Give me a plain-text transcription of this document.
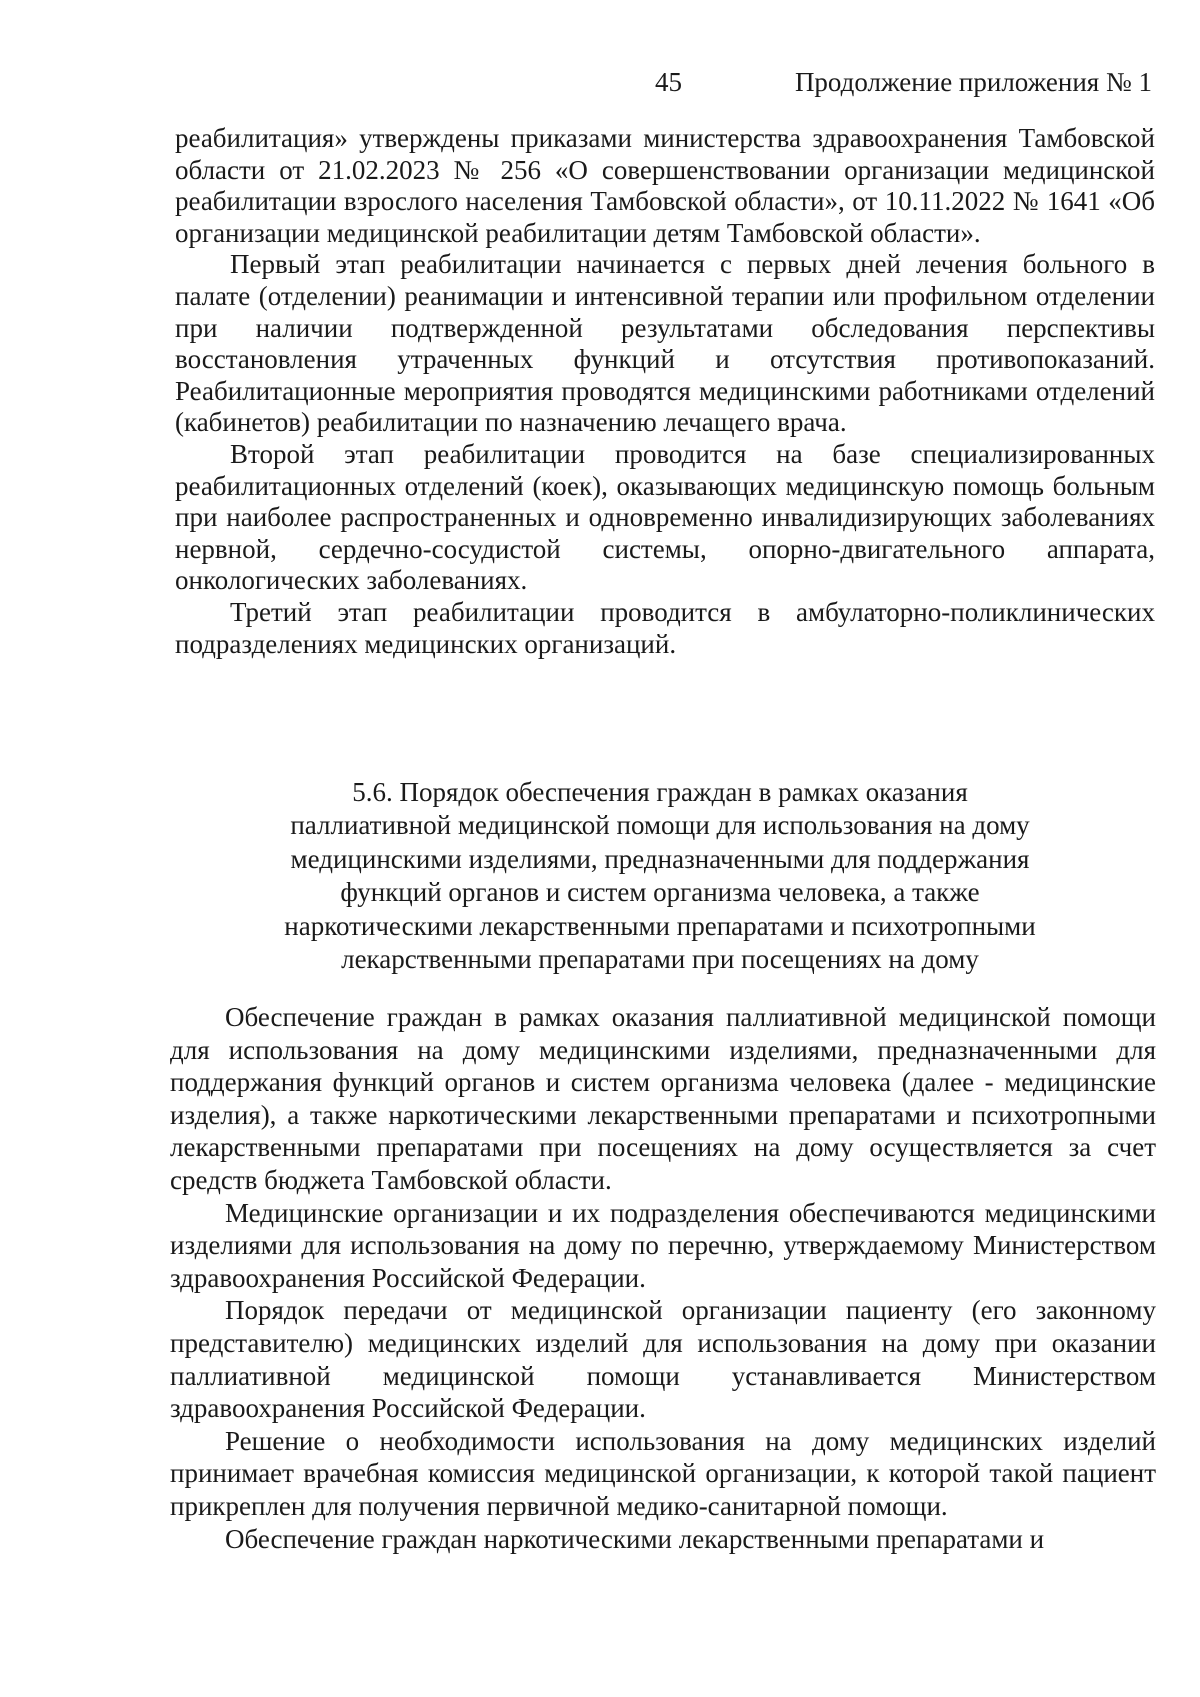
45	Продолжение приложения № 1

реабилитация» утверждены приказами министерства здравоохранения Тамбовской области от 21.02.2023 № 256 «О совершенствовании организации медицинской реабилитации взрослого населения Тамбовской области», от 10.11.2022 № 1641 «Об организации медицинской реабилитации детям Тамбовской области».

Первый этап реабилитации начинается с первых дней лечения больного в палате (отделении) реанимации и интенсивной терапии или профильном отделении при наличии подтвержденной результатами обследования перспективы восстановления утраченных функций и отсутствия противопоказаний. Реабилитационные мероприятия проводятся медицинскими работниками отделений (кабинетов) реабилитации по назначению лечащего врача.

Второй этап реабилитации проводится на базе специализированных реабилитационных отделений (коек), оказывающих медицинскую помощь больным при наиболее распространенных и одновременно инвалидизирующих заболеваниях нервной, сердечно-сосудистой системы, опорно-двигательного аппарата, онкологических заболеваниях.

Третий этап реабилитации проводится в амбулаторно-поликлинических подразделениях медицинских организаций.

5.6. Порядок обеспечения граждан в рамках оказания
паллиативной медицинской помощи для использования на дому
медицинскими изделиями, предназначенными для поддержания
функций органов и систем организма человека, а также
наркотическими лекарственными препаратами и психотропными
лекарственными препаратами при посещениях на дому

Обеспечение граждан в рамках оказания паллиативной медицинской помощи для использования на дому медицинскими изделиями, предназначенными для поддержания функций органов и систем организма человека (далее - медицинские изделия), а также наркотическими лекарственными препаратами и психотропными лекарственными препаратами при посещениях на дому осуществляется за счет средств бюджета Тамбовской области.

Медицинские организации и их подразделения обеспечиваются медицинскими изделиями для использования на дому по перечню, утверждаемому Министерством здравоохранения Российской Федерации.

Порядок передачи от медицинской организации пациенту (его законному представителю) медицинских изделий для использования на дому при оказании паллиативной медицинской помощи устанавливается Министерством здравоохранения Российской Федерации.

Решение о необходимости использования на дому медицинских изделий принимает врачебная комиссия медицинской организации, к которой такой пациент прикреплен для получения первичной медико-санитарной помощи.

Обеспечение граждан наркотическими лекарственными препаратами и
